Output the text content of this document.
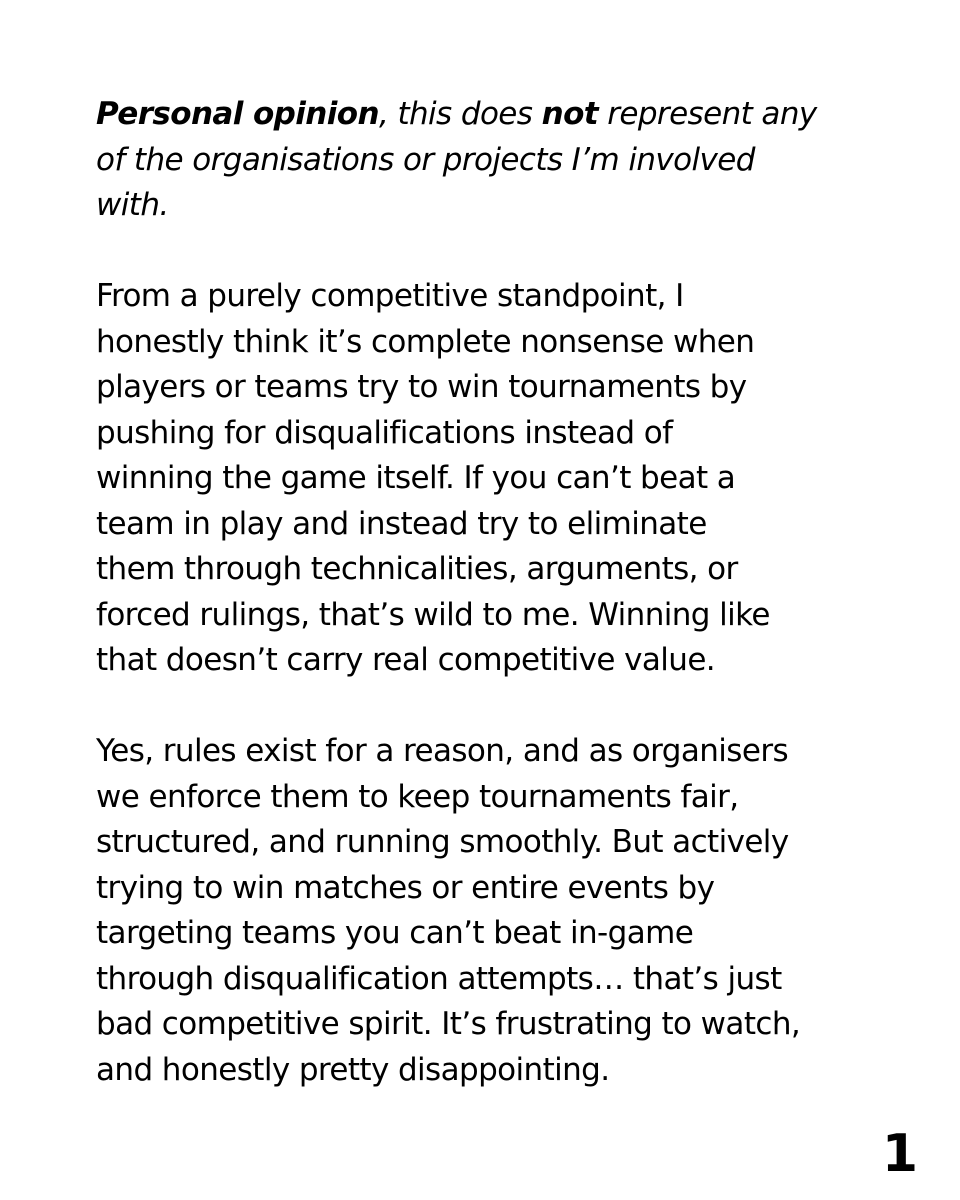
Personal opinion, this does not represent any
of the organisations or projects I’m involved
with.
From a purely competitive standpoint, I
honestly think it’s complete nonsense when
players or teams try to win tournaments by
pushing for disqualifications instead of
winning the game itself. If you can’t beat a
team in play and instead try to eliminate
them through technicalities, arguments, or
forced rulings, that’s wild to me. Winning like
that doesn’t carry real competitive value.
Yes, rules exist for a reason, and as organisers
we enforce them to keep tournaments fair,
structured, and running smoothly. But actively
trying to win matches or entire events by
targeting teams you can’t beat in-game
through disqualification attempts… that’s just
bad competitive spirit. It’s frustrating to watch,
and honestly pretty disappointing.
1
